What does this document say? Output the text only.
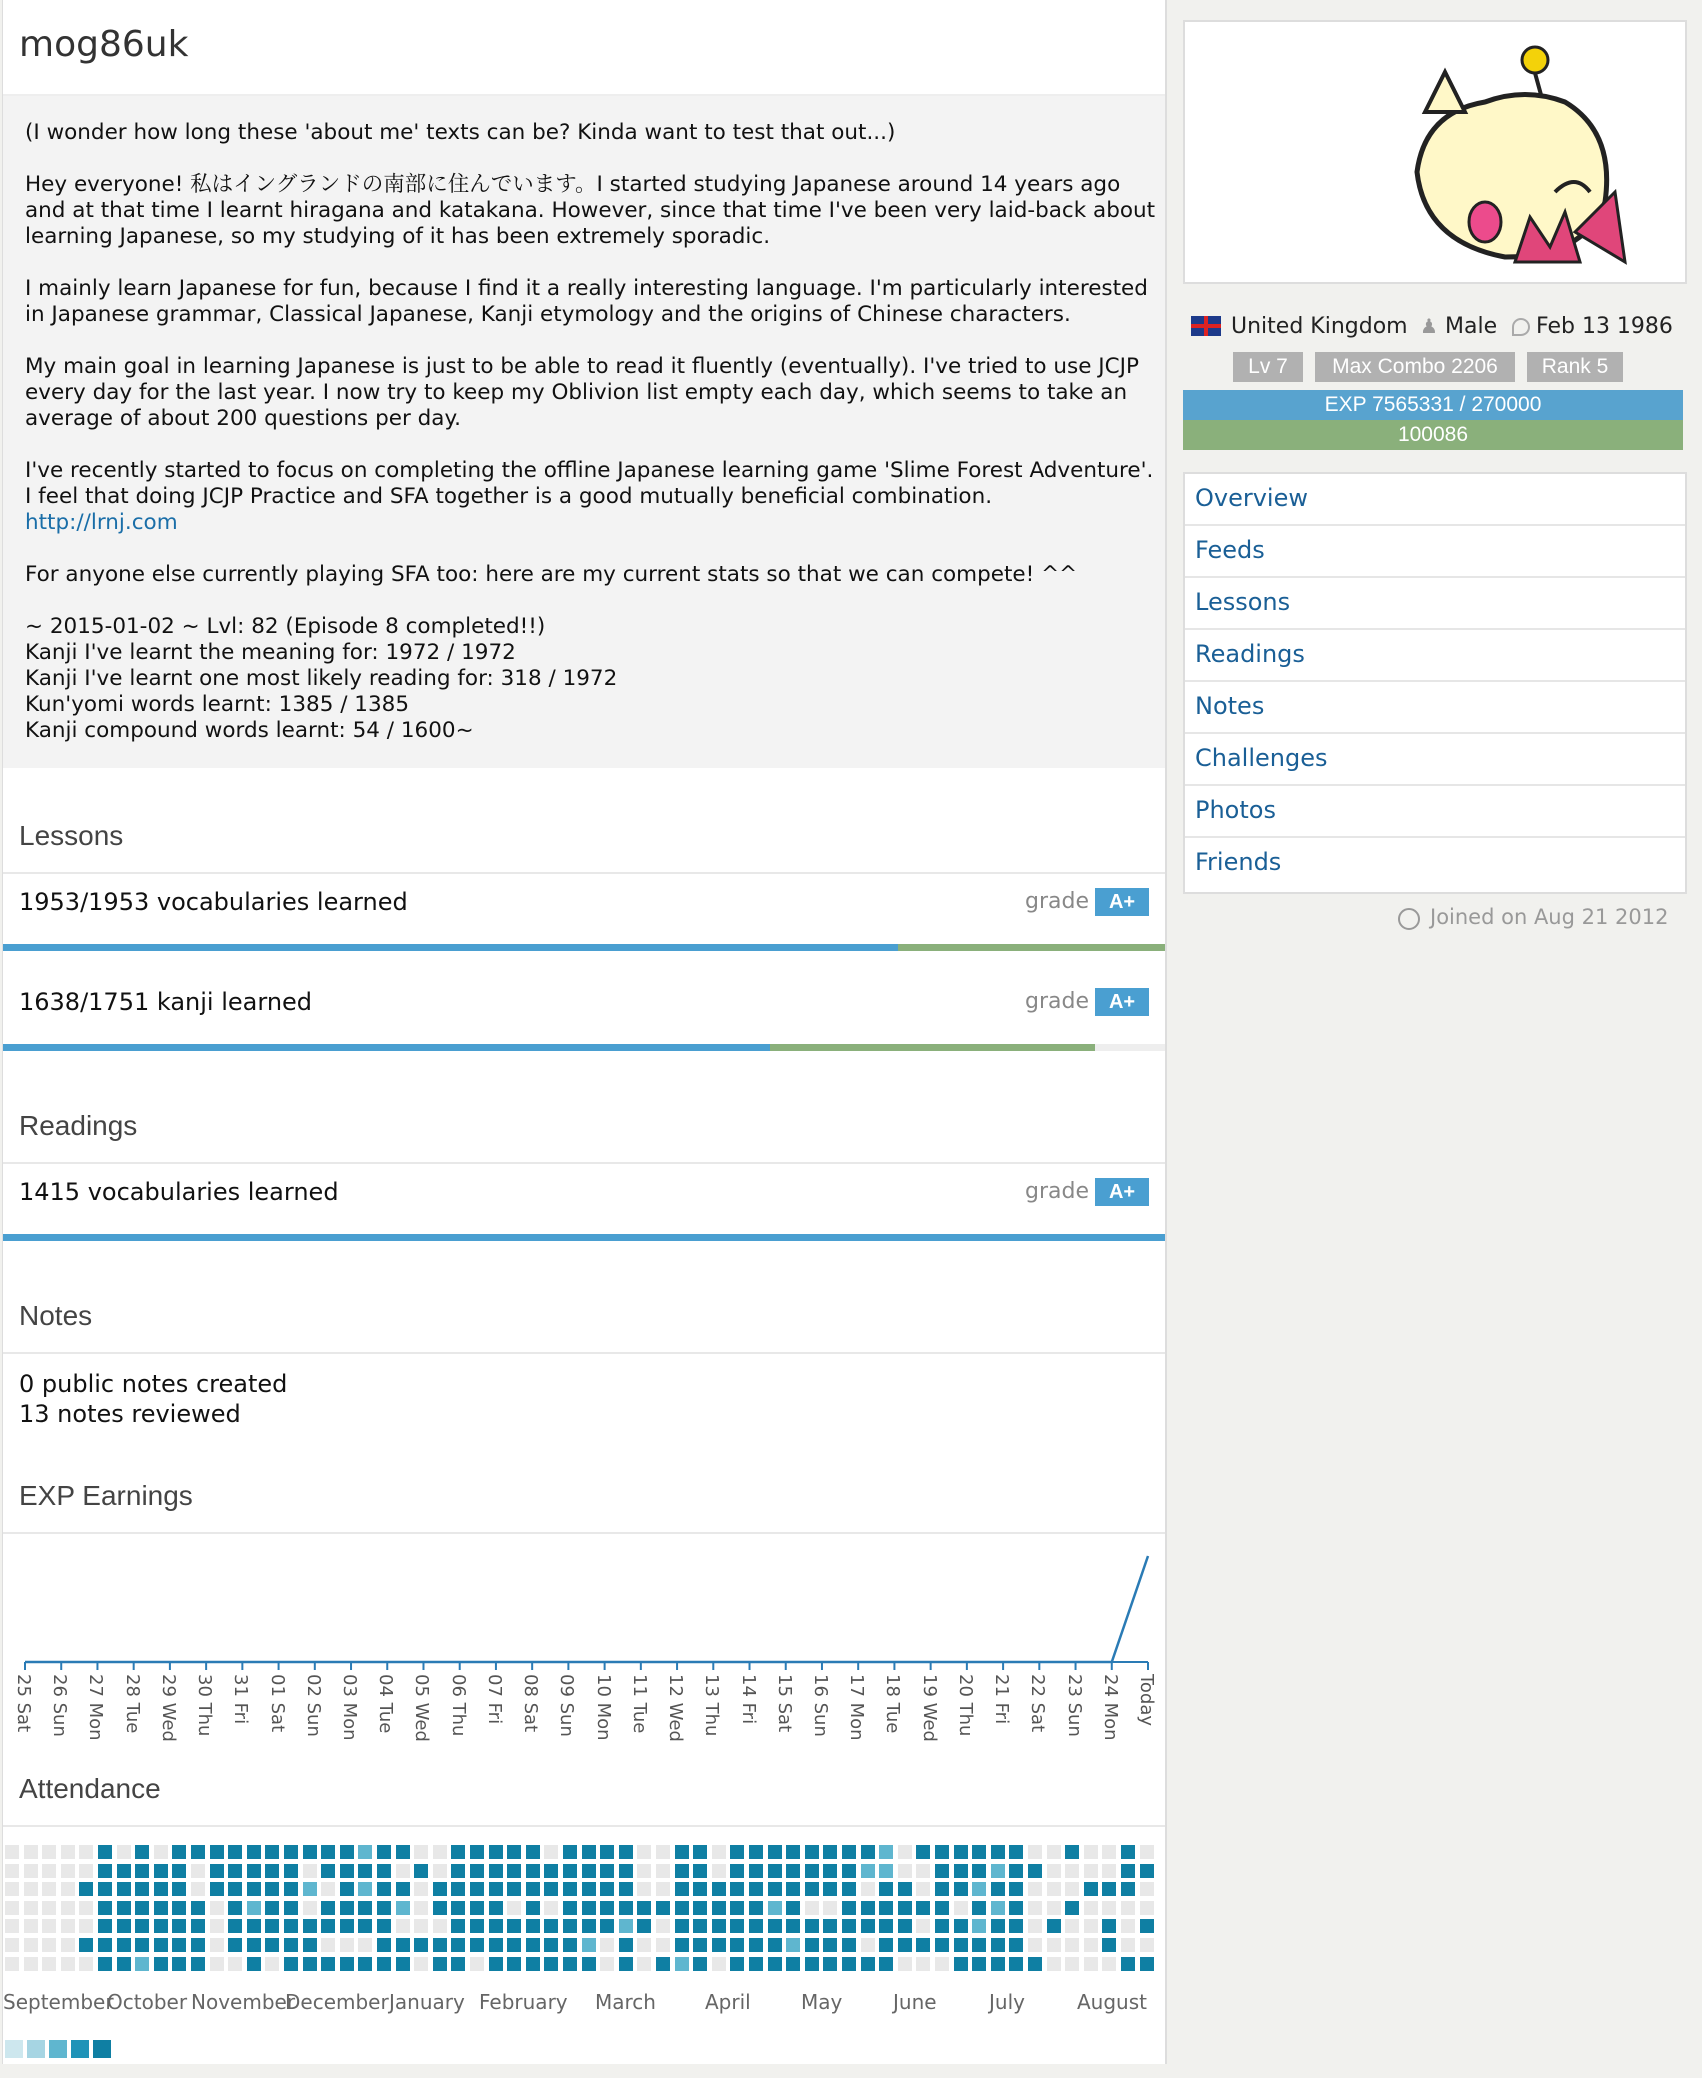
mog86uk

(I wonder how long these 'about me' texts can be? Kinda want to test that out...)

Hey everyone! 私はイングランドの南部に住んでいます。I started studying Japanese around 14 years ago

and at that time I learnt hiragana and katakana. However, since that time I've been very laid-back about

learning Japanese, so my studying of it has been extremely sporadic.

I mainly learn Japanese for fun, because I find it a really interesting language. I'm particularly interested

in Japanese grammar, Classical Japanese, Kanji etymology and the origins of Chinese characters.

My main goal in learning Japanese is just to be able to read it fluently (eventually). I've tried to use JCJP

every day for the last year. I now try to keep my Oblivion list empty each day, which seems to take an

average of about 200 questions per day.

I've recently started to focus on completing the offline Japanese learning game 'Slime Forest Adventure'.

I feel that doing JCJP Practice and SFA together is a good mutually beneficial combination.

http://lrnj.com

For anyone else currently playing SFA too: here are my current stats so that we can compete! ^^

~ 2015-01-02 ~ Lvl: 82 (Episode 8 completed!!)

Kanji I've learnt the meaning for: 1972 / 1972

Kanji I've learnt one most likely reading for: 318 / 1972

Kun'yomi words learnt: 1385 / 1385

Kanji compound words learnt: 54 / 1600~

Lessons
1953/1953 vocabularies learned	grade A+
1638/1751 kanji learned	grade A+
Readings
1415 vocabularies learned	grade A+
Notes
0 public notes created
13 notes reviewed
EXP Earnings
25 Sat 26 Sun 27 Mon 28 Tue 29 Wed 30 Thu 31 Fri 01 Sat 02 Sun 03 Mon 04 Tue 05 Wed 06 Thu 07 Fri 08 Sat 09 Sun 10 Mon 11 Tue 12 Wed 13 Thu 14 Fri 15 Sat 16 Sun 17 Mon 18 Tue 19 Wed 20 Thu 21 Fri 22 Sat 23 Sun 24 Mon Today
Attendance
September
October November
December January February March April	May	June	July	August
United Kingdom ♟ Male Feb 13 1986
Lv 7	Max Combo 2206	Rank 5
EXP 7565331 / 270000
100086
Overview
Feeds
Lessons
Readings
Notes
Challenges
Photos
Friends
Joined on Aug 21 2012
